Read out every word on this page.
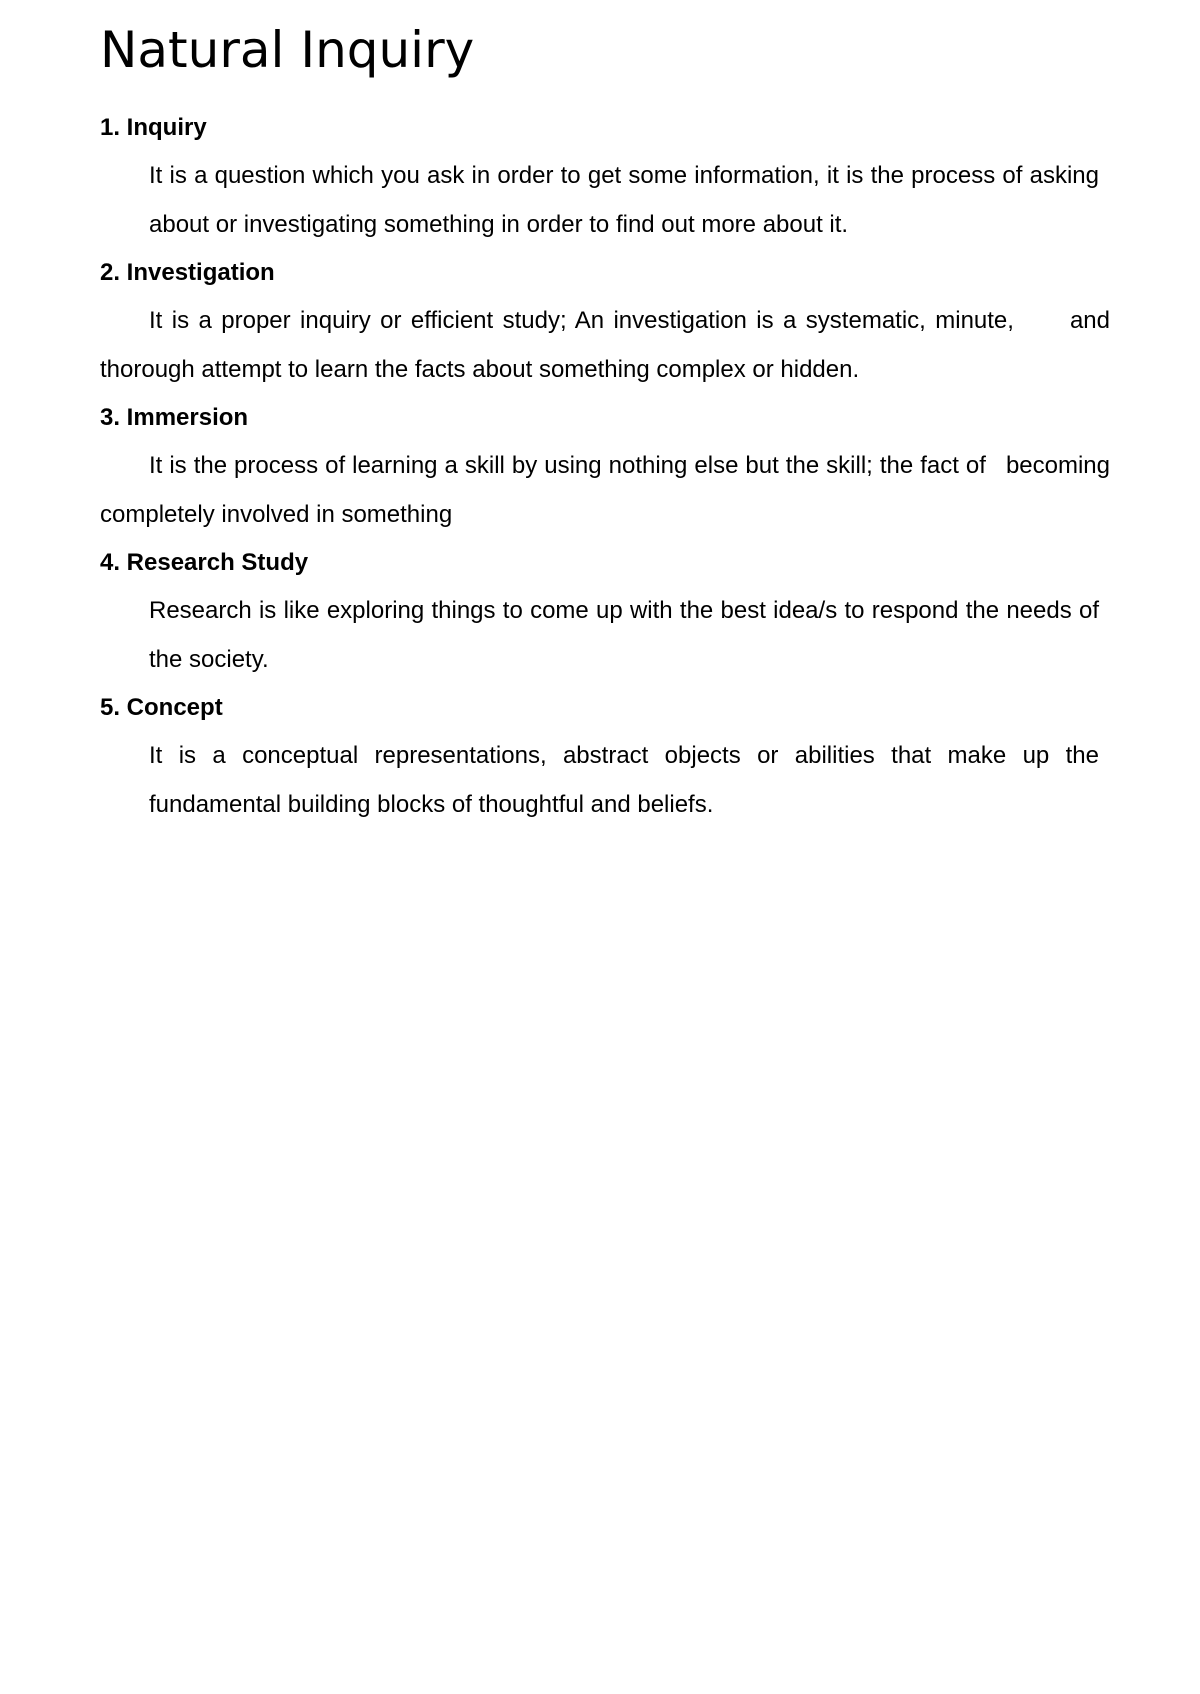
Natural Inquiry
1. Inquiry

It is a question which you ask in order to get some information, it is the process of asking about or investigating something in order to find out more about it.

2. Investigation

It is a proper inquiry or efficient study; An investigation is a systematic, minute, and thorough attempt to learn the facts about something complex or hidden.

3. Immersion

It is the process of learning a skill by using nothing else but the skill; the fact of becoming completely involved in something

4. Research Study

Research is like exploring things to come up with the best idea/s to respond the needs of the society.

5. Concept

It is a conceptual representations, abstract objects or abilities that make up the fundamental building blocks of thoughtful and beliefs.
